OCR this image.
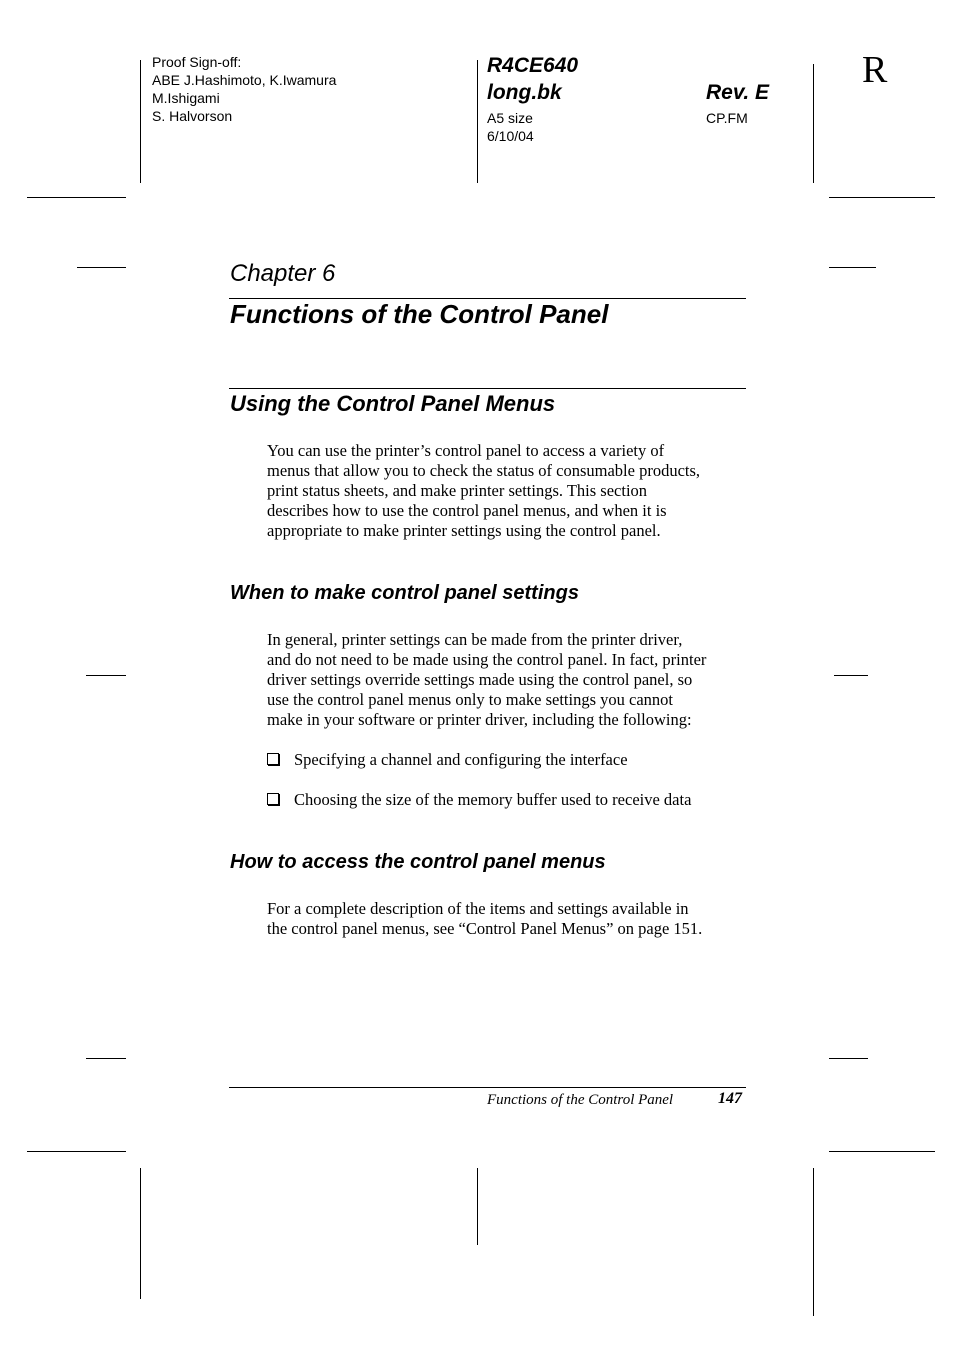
Proof Sign-off:
ABE J.Hashimoto, K.Iwamura
M.Ishigami
S. Halvorson
R4CE640
long.bk	Rev. E
A5 size
6/10/04
CP.FM
R
Chapter 6
Functions of the Control Panel
Using the Control Panel Menus
You can use the printer’s control panel to access a variety of
menus that allow you to check the status of consumable products,
print status sheets, and make printer settings. This section
describes how to use the control panel menus, and when it is
appropriate to make printer settings using the control panel.
When to make control panel settings
In general, printer settings can be made from the printer driver,
and do not need to be made using the control panel. In fact, printer
driver settings override settings made using the control panel, so
use the control panel menus only to make settings you cannot
make in your software or printer driver, including the following:
Specifying a channel and configuring the interface
Choosing the size of the memory buffer used to receive data
How to access the control panel menus
For a complete description of the items and settings available in
the control panel menus, see “Control Panel Menus” on page 151.
Functions of the Control Panel	147
